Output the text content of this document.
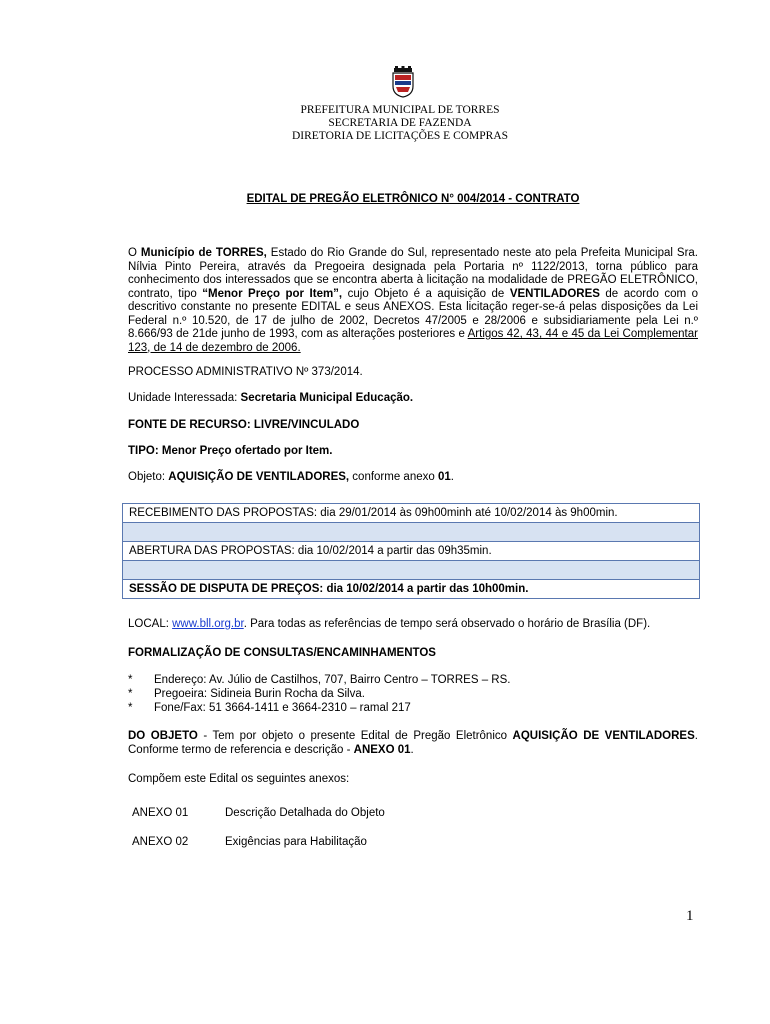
PREFEITURA MUNICIPAL DE TORRES
SECRETARIA DE FAZENDA
DIRETORIA DE LICITAÇÕES E COMPRAS
EDITAL DE PREGÃO ELETRÔNICO N° 004/2014 - CONTRATO
O Município de TORRES, Estado do Rio Grande do Sul, representado neste ato pela Prefeita Municipal Sra. Nílvia Pinto Pereira, através da Pregoeira designada pela Portaria nº 1122/2013, torna público para conhecimento dos interessados que se encontra aberta à licitação na modalidade de PREGÃO ELETRÔNICO, contrato, tipo “Menor Preço por Item”, cujo Objeto é a aquisição de VENTILADORES de acordo com o descritivo constante no presente EDITAL e seus ANEXOS. Esta licitação reger-se-á pelas disposições da Lei Federal n.º 10.520, de 17 de julho de 2002, Decretos 47/2005 e 28/2006 e subsidiariamente pela Lei n.º 8.666/93 de 21de junho de 1993, com as alterações posteriores e Artigos 42, 43, 44 e 45 da Lei Complementar 123, de 14 de dezembro de 2006.
PROCESSO ADMINISTRATIVO Nº 373/2014.
Unidade Interessada: Secretaria Municipal Educação.
FONTE DE RECURSO: LIVRE/VINCULADO
TIPO: Menor Preço ofertado por Item.
Objeto: AQUISIÇÃO DE VENTILADORES, conforme anexo 01.
RECEBIMENTO DAS PROPOSTAS: dia 29/01/2014 às 09h00minh até 10/02/2014 às 9h00min.

ABERTURA DAS PROPOSTAS: dia 10/02/2014 a partir das 09h35min.

SESSÃO DE DISPUTA DE PREÇOS: dia 10/02/2014 a partir das 10h00min.
LOCAL: www.bll.org.br. Para todas as referências de tempo será observado o horário de Brasília (DF).
FORMALIZAÇÃO DE CONSULTAS/ENCAMINHAMENTOS
*	Endereço: Av. Júlio de Castilhos, 707, Bairro Centro – TORRES – RS.
*	Pregoeira: Sidineia Burin Rocha da Silva.
*	Fone/Fax: 51 3664-1411 e 3664-2310 – ramal 217
DO OBJETO - Tem por objeto o presente Edital de Pregão Eletrônico AQUISIÇÃO DE VENTILADORES. Conforme termo de referencia e descrição - ANEXO 01.
Compõem este Edital os seguintes anexos:
ANEXO 01	Descrição Detalhada do Objeto
ANEXO 02	Exigências para Habilitação
1
